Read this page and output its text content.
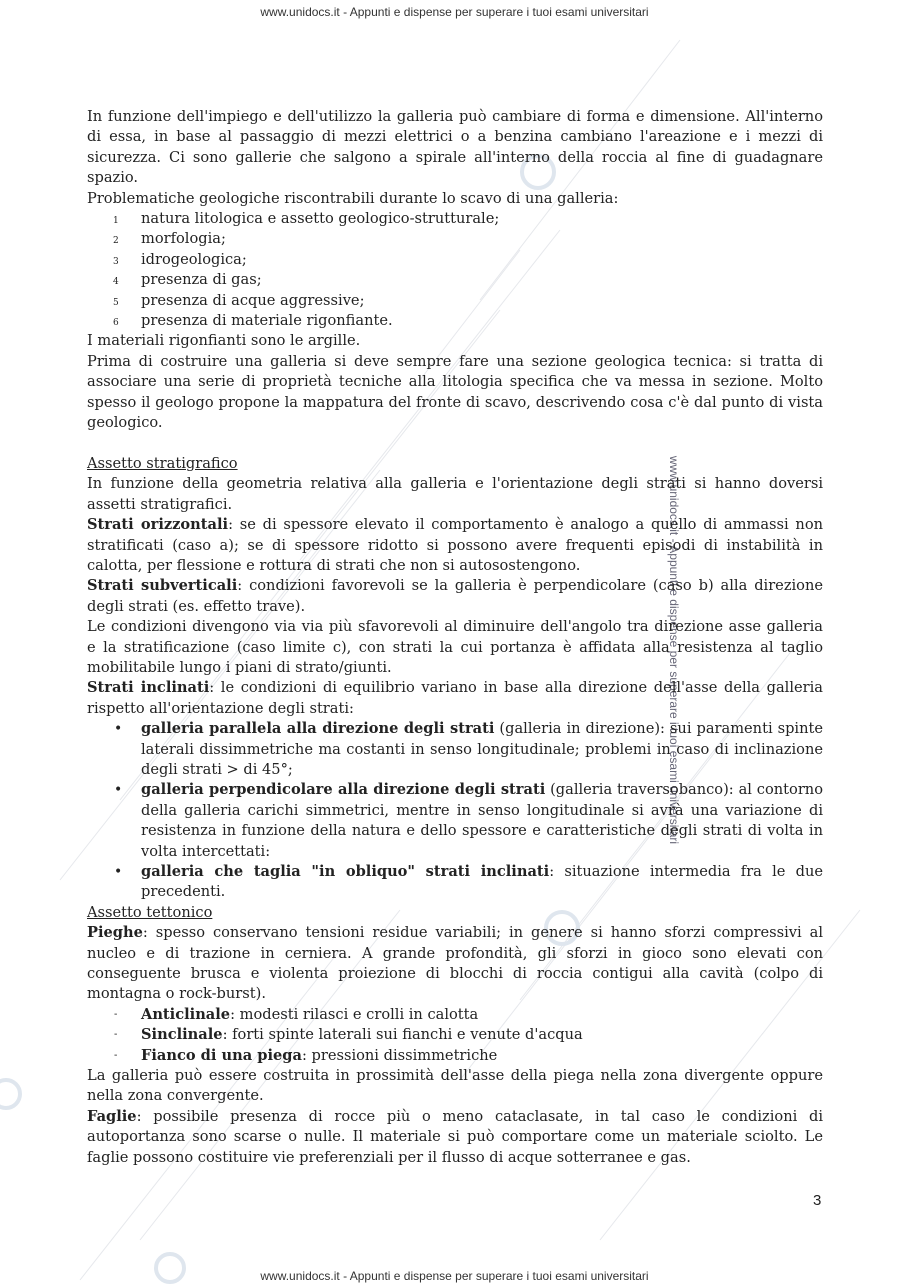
www.unidocs.it - Appunti e dispense per superare i tuoi esami universitari
www.unidocs.it - Appunti e dispense per superare i tuoi esami universitari
www.unidocs.it - Appunti e dispense per superare i tuoi esami universitari

In funzione dell'impiego e dell'utilizzo la galleria può cambiare di forma e dimensione. All'interno di essa, in base al passaggio di mezzi elettrici o a benzina cambiano l'areazione e i mezzi di sicurezza. Ci sono gallerie che salgono a spirale all'interno della roccia al fine di guadagnare spazio.

Problematiche geologiche riscontrabili durante lo scavo di una galleria:

1 natura litologica e assetto geologico-strutturale;
2 morfologia;
3 idrogeologica;
4 presenza di gas;
5 presenza di acque aggressive;
6 presenza di materiale rigonfiante.

I materiali rigonfianti sono le argille.

Prima di costruire una galleria si deve sempre fare una sezione geologica tecnica: si tratta di associare una serie di proprietà tecniche alla litologia specifica che va messa in sezione. Molto spesso il geologo propone la mappatura del fronte di scavo, descrivendo cosa c'è dal punto di vista geologico.

Assetto stratigrafico

In funzione della geometria relativa alla galleria e l'orientazione degli strati si hanno doversi assetti stratigrafici.

Strati orizzontali: se di spessore elevato il comportamento è analogo a quello di ammassi non stratificati (caso a); se di spessore ridotto si possono avere frequenti episodi di instabilità in calotta, per flessione e rottura di strati che non si autosostengono.

Strati subverticali: condizioni favorevoli se la galleria è perpendicolare (caso b) alla direzione degli strati (es. effetto trave).

Le condizioni divengono via via più sfavorevoli al diminuire dell'angolo tra direzione asse galleria e la stratificazione (caso limite c), con strati la cui portanza è affidata alla resistenza al taglio mobilitabile lungo i piani di strato/giunti.

Strati inclinati: le condizioni di equilibrio variano in base alla direzione dell'asse della galleria rispetto all'orientazione degli strati:

• galleria parallela alla direzione degli strati (galleria in direzione): sui paramenti spinte laterali dissimmetriche ma costanti in senso longitudinale; problemi in caso di inclinazione degli strati > di 45°;
• galleria perpendicolare alla direzione degli strati (galleria traversobanco): al contorno della galleria carichi simmetrici, mentre in senso longitudinale si avrà una variazione di resistenza in funzione della natura e dello spessore e caratteristiche degli strati di volta in volta intercettati:
• galleria che taglia "in obliquo" strati inclinati: situazione intermedia fra le due precedenti.
Assetto tettonico

Pieghe: spesso conservano tensioni residue variabili; in genere si hanno sforzi compressivi al nucleo e di trazione in cerniera. A grande profondità, gli sforzi in gioco sono elevati con conseguente brusca e violenta proiezione di blocchi di roccia contigui alla cavità (colpo di montagna o rock-burst).

- Anticlinale: modesti rilasci e crolli in calotta
- Sinclinale: forti spinte laterali sui fianchi e venute d'acqua
- Fianco di una piega: pressioni dissimmetriche

La galleria può essere costruita in prossimità dell'asse della piega nella zona divergente oppure nella zona convergente.

Faglie: possibile presenza di rocce più o meno cataclasate, in tal caso le condizioni di autoportanza sono scarse o nulle. Il materiale si può comportare come un materiale sciolto. Le faglie possono costituire vie preferenziali per il flusso di acque sotterranee e gas.

3
